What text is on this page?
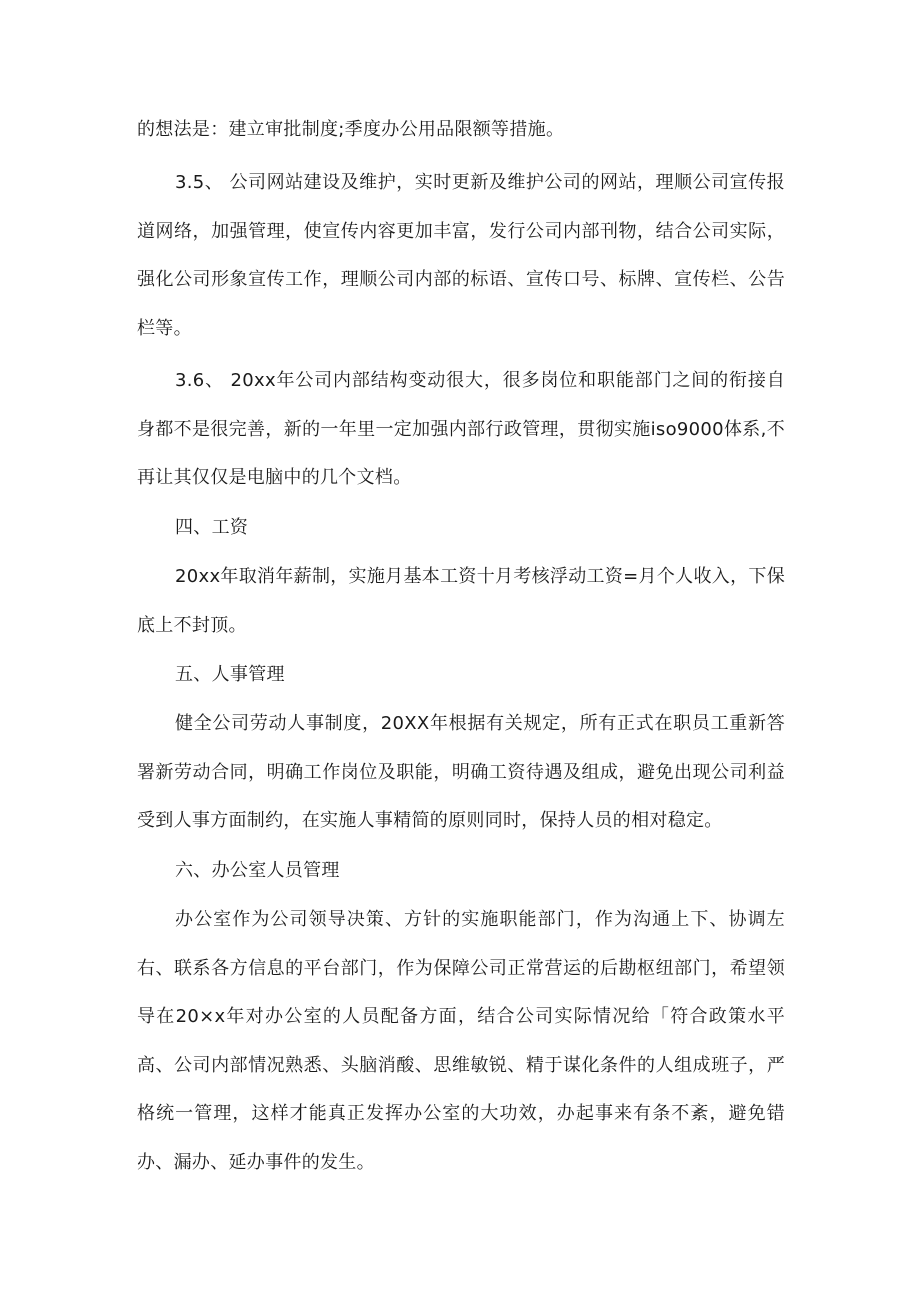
的想法是：建立审批制度;季度办公用品限额等措施。

3.5、 公司网站建设及维护，实时更新及维护公司的网站，理顺公司宣传报道网络，加强管理，使宣传内容更加丰富，发行公司内部刊物，结合公司实际，强化公司形象宣传工作，理顺公司内部的标语、宣传口号、标牌、宣传栏、公告栏等。

3.6、 20xx年公司内部结构变动很大，很多岗位和职能部门之间的衔接自身都不是很完善，新的一年里一定加强内部行政管理，贯彻实施iso9000体系,不再让其仅仅是电脑中的几个文档。

四、工资

20xx年取消年薪制，实施月基本工资十月考核浮动工资=月个人收入，下保底上不封顶。

五、人事管理

健全公司劳动人事制度，20XX年根据有关规定，所有正式在职员工重新答署新劳动合同，明确工作岗位及职能，明确工资待遇及组成，避免出现公司利益受到人事方面制约，在实施人事精简的原则同时，保持人员的相对稳定。

六、办公室人员管理

办公室作为公司领导决策、方针的实施职能部门，作为沟通上下、协调左右、联系各方信息的平台部门，作为保障公司正常营运的后勘枢纽部门，希望领导在20×x年对办公室的人员配备方面，结合公司实际情况给「符合政策水平高、公司内部情况熟悉、头脑消酸、思维敏锐、精于谋化条件的人组成班子，严格统一管理，这样才能真正发挥办公室的大功效，办起事来有条不紊，避免错办、漏办、延办事件的发生。
